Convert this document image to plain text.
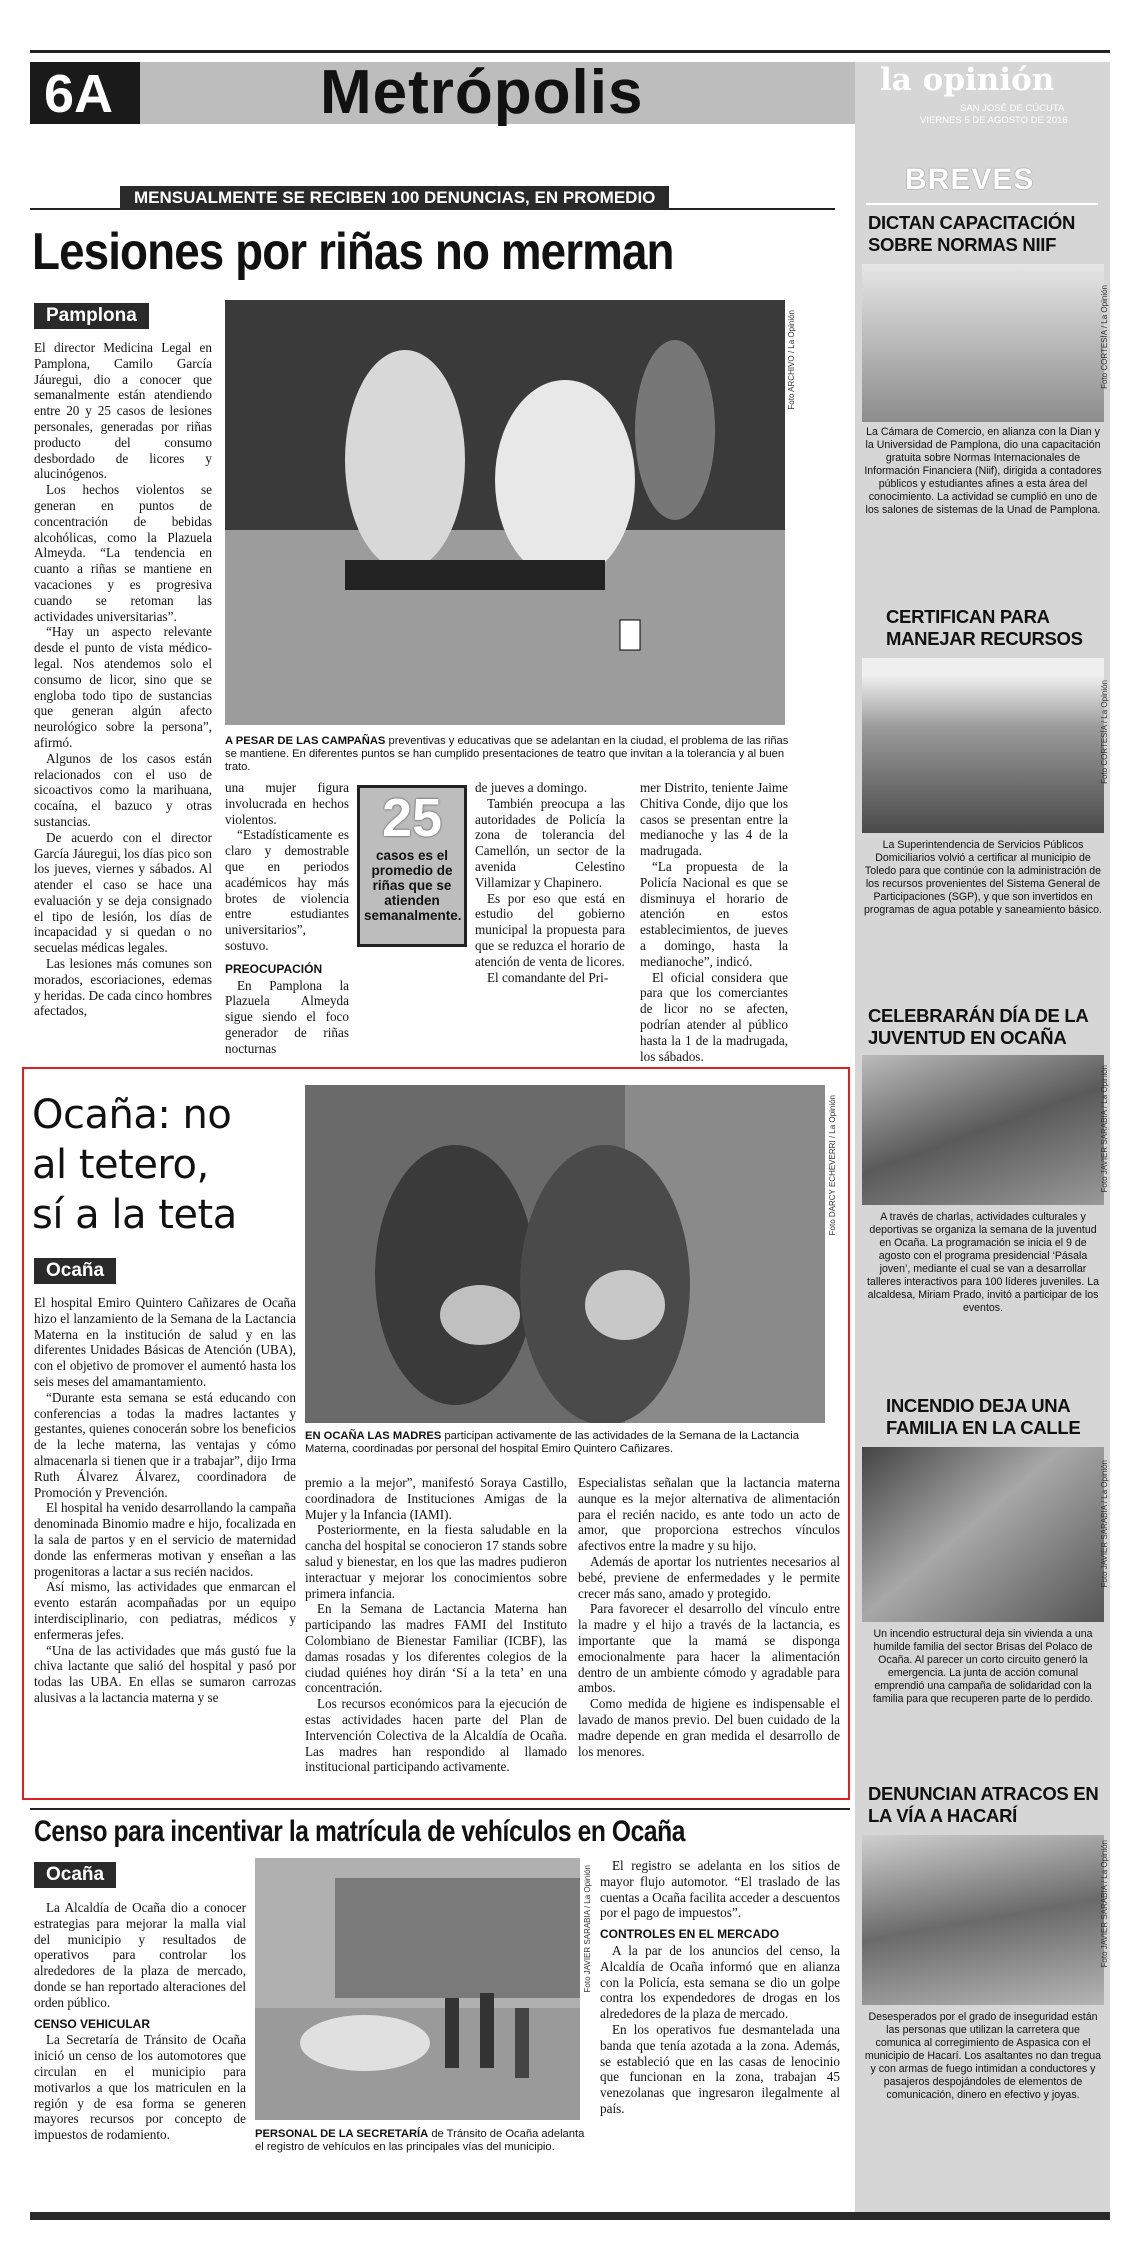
6A	Metrópolis	la opinión
SAN JOSÉ DE CÚCUTA
VIERNES 5 DE AGOSTO DE 2016
BREVES
MENSUALMENTE SE RECIBEN 100 DENUNCIAS, EN PROMEDIO
Lesiones por riñas no merman
Pamplona

El director Medicina Legal en Pamplona, Camilo García Jáuregui, dio a conocer que semanalmente están atendiendo entre 20 y 25 casos de lesiones personales, generadas por riñas producto del consumo desbordado de licores y alucinógenos.

Los hechos violentos se generan en puntos de concentración de bebidas alcohólicas, como la Plazuela Almeyda. “La tendencia en cuanto a riñas se mantiene en vacaciones y es progresiva cuando se retoman las actividades universitarias”.

“Hay un aspecto relevante desde el punto de vista médico-legal. Nos atendemos solo el consumo de licor, sino que se engloba todo tipo de sustancias que generan algún afecto neurológico sobre la persona”, afirmó.

Algunos de los casos están relacionados con el uso de sicoactivos como la marihuana, cocaína, el bazuco y otras sustancias.

De acuerdo con el director García Jáuregui, los días pico son los jueves, viernes y sábados. Al atender el caso se hace una evaluación y se deja consignado el tipo de lesión, los días de incapacidad y si quedan o no secuelas médicas legales.

Las lesiones más comunes son morados, escoriaciones, edemas y heridas. De cada cinco hombres afectados,

Foto ARCHIVO / La Opinión
A PESAR DE LAS CAMPAÑAS preventivas y educativas que se adelantan en la ciudad, el problema de las riñas se mantiene. En diferentes puntos se han cumplido presentaciones de teatro que invitan a la tolerancia y al buen trato.

una mujer figura involucrada en hechos violentos.

“Estadísticamente es claro y demostrable que en periodos académicos hay más brotes de violencia entre estudiantes universitarios”, sostuvo.

PREOCUPACIÓN

En Pamplona la Plazuela Almeyda sigue siendo el foco generador de riñas nocturnas

25
casos es el promedio de riñas que se atienden semanalmente.

de jueves a domingo.

También preocupa a las autoridades de Policía la zona de tolerancia del Camellón, un sector de la avenida Celestino Villamizar y Chapinero.

Es por eso que está en estudio del gobierno municipal la propuesta para que se reduzca el horario de atención de venta de licores.

El comandante del Pri-

mer Distrito, teniente Jaime Chitiva Conde, dijo que los casos se presentan entre la medianoche y las 4 de la madrugada.

“La propuesta de la Policía Nacional es que se disminuya el horario de atención en estos establecimientos, de jueves a domingo, hasta la medianoche”, indicó.

El oficial considera que para que los comerciantes de licor no se afecten, podrían atender al público hasta la 1 de la madrugada, los sábados.

Ocaña: no
al tetero,
sí a la teta
Ocaña
Foto DARCY ECHEVERRI / La Opinión
EN OCAÑA LAS MADRES participan activamente de las actividades de la Semana de la Lactancia Materna, coordinadas por personal del hospital Emiro Quintero Cañizares.

El hospital Emiro Quintero Cañizares de Ocaña hizo el lanzamiento de la Semana de la Lactancia Materna en la institución de salud y en las diferentes Unidades Básicas de Atención (UBA), con el objetivo de promover el aumentó hasta los seis meses del amamantamiento.

“Durante esta semana se está educando con conferencias a todas la madres lactantes y gestantes, quienes conocerán sobre los beneficios de la leche materna, las ventajas y cómo almacenarla si tienen que ir a trabajar”, dijo Irma Ruth Álvarez Álvarez, coordinadora de Promoción y Prevención.

El hospital ha venido desarrollando la campaña denominada Binomio madre e hijo, focalizada en la sala de partos y en el servicio de maternidad donde las enfermeras motivan y enseñan a las progenitoras a lactar a sus recién nacidos.

Así mismo, las actividades que enmarcan el evento estarán acompañadas por un equipo interdisciplinario, con pediatras, médicos y enfermeras jefes.

“Una de las actividades que más gustó fue la chiva lactante que salió del hospital y pasó por todas las UBA. En ellas se sumaron carrozas alusivas a la lactancia materna y se

premio a la mejor”, manifestó Soraya Castillo, coordinadora de Instituciones Amigas de la Mujer y la Infancia (IAMI).

Posteriormente, en la fiesta saludable en la cancha del hospital se conocieron 17 stands sobre salud y bienestar, en los que las madres pudieron interactuar y mejorar los conocimientos sobre primera infancia.

En la Semana de Lactancia Materna han participando las madres FAMI del Instituto Colombiano de Bienestar Familiar (ICBF), las damas rosadas y los diferentes colegios de la ciudad quiénes hoy dirán ‘Sí a la teta’ en una concentración.

Los recursos económicos para la ejecución de estas actividades hacen parte del Plan de Intervención Colectiva de la Alcaldía de Ocaña. Las madres han respondido al llamado institucional participando activamente.

Especialistas señalan que la lactancia materna aunque es la mejor alternativa de alimentación para el recién nacido, es ante todo un acto de amor, que proporciona estrechos vínculos afectivos entre la madre y su hijo.

Además de aportar los nutrientes necesarios al bebé, previene de enfermedades y le permite crecer más sano, amado y protegido.

Para favorecer el desarrollo del vínculo entre la madre y el hijo a través de la lactancia, es importante que la mamá se disponga emocionalmente para hacer la alimentación dentro de un ambiente cómodo y agradable para ambos.

Como medida de higiene es indispensable el lavado de manos previo. Del buen cuidado de la madre depende en gran medida el desarrollo de los menores.

Censo para incentivar la matrícula de vehículos en Ocaña
Ocaña

La Alcaldía de Ocaña dio a conocer estrategias para mejorar la malla vial del municipio y resultados de operativos para controlar los alrededores de la plaza de mercado, donde se han reportado alteraciones del orden público.

CENSO VEHICULAR

La Secretaría de Tránsito de Ocaña inició un censo de los automotores que circulan en el municipio para motivarlos a que los matriculen en la región y de esa forma se generen mayores recursos por concepto de impuestos de rodamiento.

Foto JAVIER SARABIA / La Opinión
PERSONAL DE LA SECRETARÍA de Tránsito de Ocaña adelanta el registro de vehículos en las principales vías del municipio.

El registro se adelanta en los sitios de mayor flujo automotor. “El traslado de las cuentas a Ocaña facilita acceder a descuentos por el pago de impuestos”.

CONTROLES EN EL MERCADO

A la par de los anuncios del censo, la Alcaldía de Ocaña informó que en alianza con la Policía, esta semana se dio un golpe contra los expendedores de drogas en los alrededores de la plaza de mercado.

En los operativos fue desmantelada una banda que tenía azotada a la zona. Además, se estableció que en las casas de lenocinio que funcionan en la zona, trabajan 45 venezolanas que ingresaron ilegalmente al país.

DICTAN CAPACITACIÓN SOBRE NORMAS NIIF
La Cámara de Comercio, en alianza con la Dian y la Universidad de Pamplona, dio una capacitación gratuita sobre Normas Internacionales de Información Financiera (Niif), dirigida a contadores públicos y estudiantes afines a esta área del conocimiento. La actividad se cumplió en uno de los salones de sistemas de la Unad de Pamplona.
Foto CORTESÍA / La Opinión
CERTIFICAN PARA MANEJAR RECURSOS
La Superintendencia de Servicios Públicos Domiciliarios volvió a certificar al municipio de Toledo para que continúe con la administración de los recursos provenientes del Sistema General de Participaciones (SGP), y que son invertidos en programas de agua potable y saneamiento básico.
Foto CORTESÍA / La Opinión
CELEBRARÁN DÍA DE LA JUVENTUD EN OCAÑA
A través de charlas, actividades culturales y deportivas se organiza la semana de la juventud en Ocaña. La programación se inicia el 9 de agosto con el programa presidencial ‘Pásala joven’, mediante el cual se van a desarrollar talleres interactivos para 100 líderes juveniles. La alcaldesa, Miriam Prado, invitó a participar de los eventos.
Foto JAVIER SARABIA / La Opinión
INCENDIO DEJA UNA FAMILIA EN LA CALLE
Un incendio estructural deja sin vivienda a una humilde familia del sector Brisas del Polaco de Ocaña. Al parecer un corto circuito generó la emergencia. La junta de acción comunal emprendió una campaña de solidaridad con la familia para que recuperen parte de lo perdido.
Foto JAVIER SARABIA / La Opinión
DENUNCIAN ATRACOS EN LA VÍA A HACARÍ
Desesperados por el grado de inseguridad están las personas que utilizan la carretera que comunica al corregimiento de Aspasica con el municipio de Hacarí. Los asaltantes no dan tregua y con armas de fuego intimidan a conductores y pasajeros despojándoles de elementos de comunicación, dinero en efectivo y joyas.
Foto JAVIER SARABIA / La Opinión
